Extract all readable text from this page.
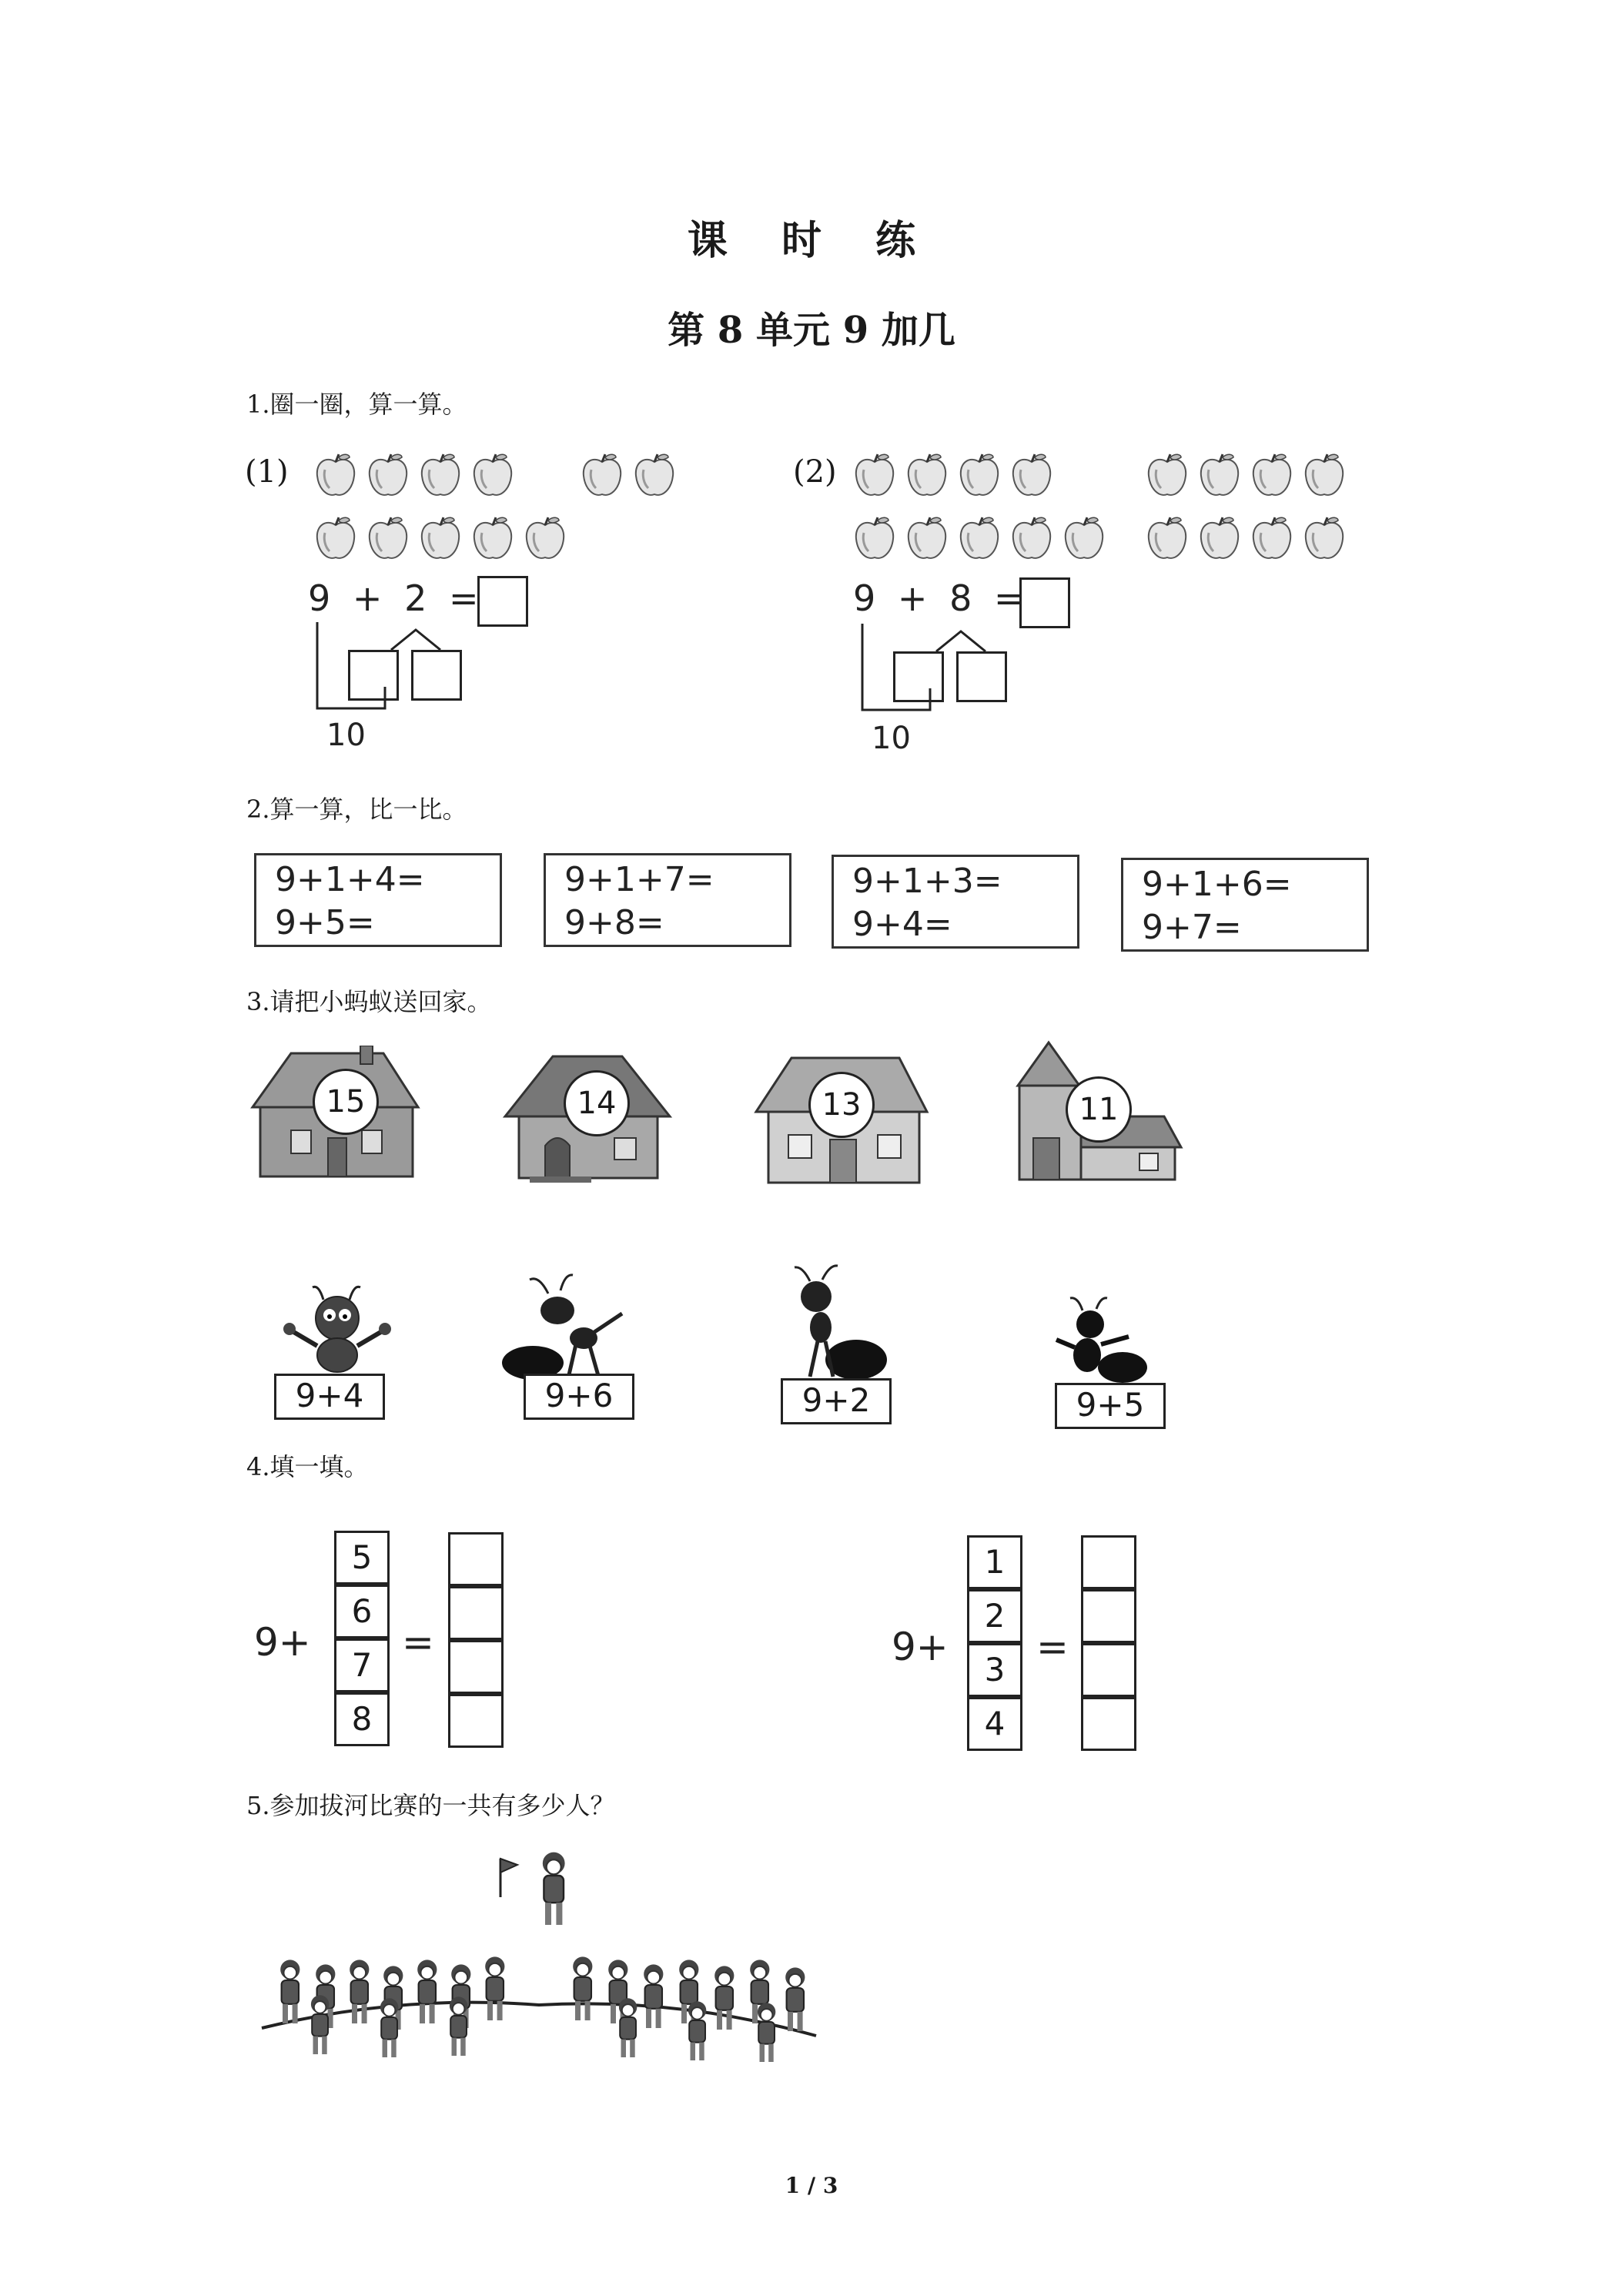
课 时 练
第 8 单元 9 加几
1.圈一圈，算一算。
(1)
9 + 2 =
10
(2)
9 + 8 =
10
2.算一算，比一比。
9+1+4=
9+5=
9+1+7=
9+8=
9+1+3=
9+4=
9+1+6=
9+7=
3.请把小蚂蚁送回家。
15	14	13	11
9+4	9+6	9+2	9+5
4.填一填。
9+
5
6
7
8
=	9+
1
2
3
4
=
5.参加拔河比赛的一共有多少人？
1 / 3
